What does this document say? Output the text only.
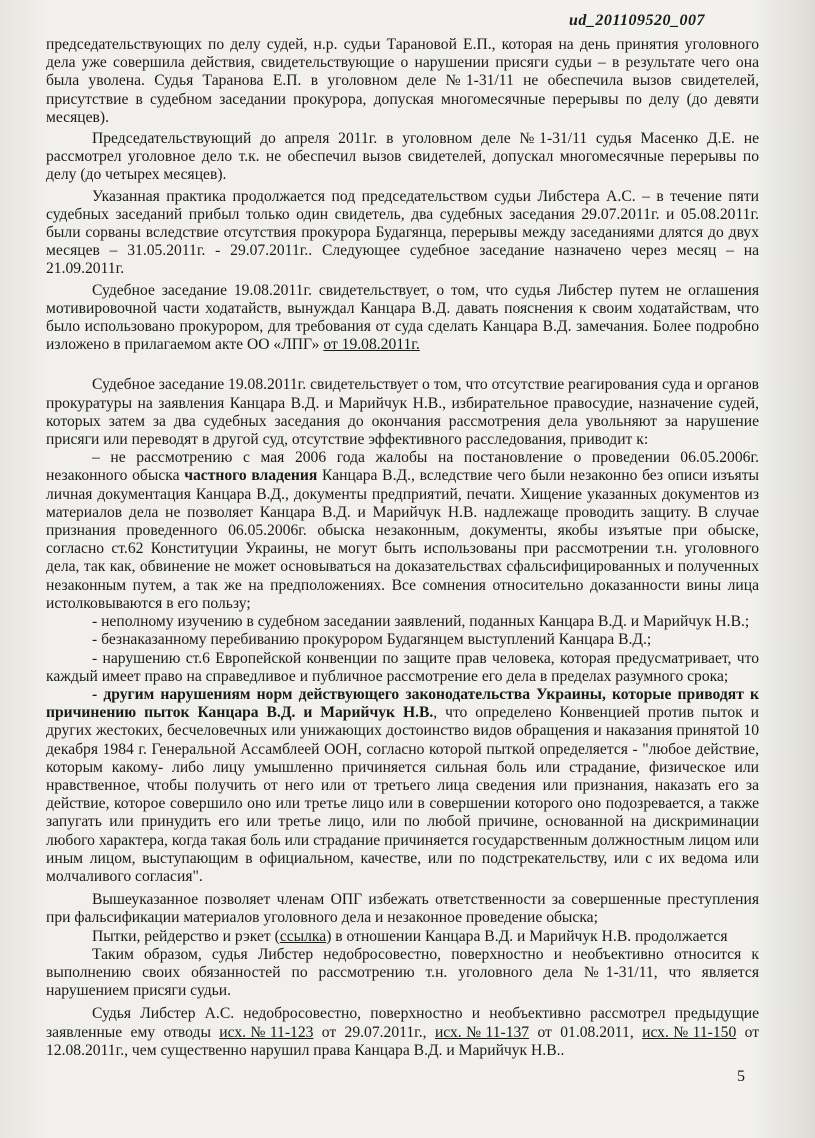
ud_201109520_007

председательствующих по делу судей, н.р. судьи Тарановой Е.П., которая на день принятия уголовного дела уже совершила действия, свидетельствующие о нарушении присяги судьи – в результате чего она была уволена. Судья Таранова Е.П. в уголовном деле №1-31/11 не обеспечила вызов свидетелей, присутствие в судебном заседании прокурора, допуская многомесячные перерывы по делу (до девяти месяцев).

Председательствующий до апреля 2011г. в уголовном деле №1-31/11 судья Масенко Д.Е. не рассмотрел уголовное дело т.к. не обеспечил вызов свидетелей, допускал многомесячные перерывы по делу (до четырех месяцев).

Указанная практика продолжается под председательством судьи Либстера А.С. – в течение пяти судебных заседаний прибыл только один свидетель, два судебных заседания 29.07.2011г. и 05.08.2011г. были сорваны вследствие отсутствия прокурора Будагянца, перерывы между заседаниями длятся до двух месяцев – 31.05.2011г. - 29.07.2011г.. Следующее судебное заседание назначено через месяц – на 21.09.2011г.

Судебное заседание 19.08.2011г. свидетельствует, о том, что судья Либстер путем не оглашения мотивировочной части ходатайств, вынуждал Канцара В.Д. давать пояснения к своим ходатайствам, что было использовано прокурором, для требования от суда сделать Канцара В.Д. замечания. Более подробно изложено в прилагаемом акте ОО «ЛПГ» от 19.08.2011г.

Судебное заседание 19.08.2011г. свидетельствует о том, что отсутствие реагирования суда и органов прокуратуры на заявления Канцара В.Д. и Марийчук Н.В., избирательное правосудие, назначение судей, которых затем за два судебных заседания до окончания рассмотрения дела увольняют за нарушение присяги или переводят в другой суд, отсутствие эффективного расследования, приводит к:

– не рассмотрению с мая 2006 года жалобы на постановление о проведении 06.05.2006г. незаконного обыска частного владения Канцара В.Д., вследствие чего были незаконно без описи изъяты личная документация Канцара В.Д., документы предприятий, печати. Хищение указанных документов из материалов дела не позволяет Канцара В.Д. и Марийчук Н.В. надлежаще проводить защиту. В случае признания проведенного 06.05.2006г. обыска незаконным, документы, якобы изъятые при обыске, согласно ст.62 Конституции Украины, не могут быть использованы при рассмотрении т.н. уголовного дела, так как, обвинение не может основываться на доказательствах сфальсифицированных и полученных незаконным путем, а так же на предположениях. Все сомнения относительно доказанности вины лица истолковываются в его пользу;

- неполному изучению в судебном заседании заявлений, поданных Канцара В.Д. и Марийчук Н.В.;

- безнаказанному перебиванию прокурором Будагянцем выступлений Канцара В.Д.;

- нарушению ст.6 Европейской конвенции по защите прав человека, которая предусматривает, что каждый имеет право на справедливое и публичное рассмотрение его дела в пределах разумного срока;

- другим нарушениям норм действующего законодательства Украины, которые приводят к причинению пыток Канцара В.Д. и Марийчук Н.В., что определено Конвенцией против пыток и других жестоких, бесчеловечных или унижающих достоинство видов обращения и наказания принятой 10 декабря 1984 г. Генеральной Ассамблеей ООН, согласно которой пыткой определяется - "любое действие, которым какому- либо лицу умышленно причиняется сильная боль или страдание, физическое или нравственное, чтобы получить от него или от третьего лица сведения или признания, наказать его за действие, которое совершило оно или третье лицо или в совершении которого оно подозревается, а также запугать или принудить его или третье лицо, или по любой причине, основанной на дискриминации любого характера, когда такая боль или страдание причиняется государственным должностным лицом или иным лицом, выступающим в официальном, качестве, или по подстрекательству, или с их ведома или молчаливого согласия".

Вышеуказанное позволяет членам ОПГ избежать ответственности за совершенные преступления при фальсификации материалов уголовного дела и незаконное проведение обыска;

Пытки, рейдерство и рэкет (ссылка) в отношении Канцара В.Д. и Марийчук Н.В. продолжается

Таким образом, судья Либстер недобросовестно, поверхностно и необъективно относится к выполнению своих обязанностей по рассмотрению т.н. уголовного дела №1-31/11, что является нарушением присяги судьи.

Судья Либстер А.С. недобросовестно, поверхностно и необъективно рассмотрел предыдущие заявленные ему отводы исх.№11-123 от 29.07.2011г., исх.№11-137 от 01.08.2011, исх.№11-150 от 12.08.2011г., чем существенно нарушил права Канцара В.Д. и Марийчук Н.В..

5
